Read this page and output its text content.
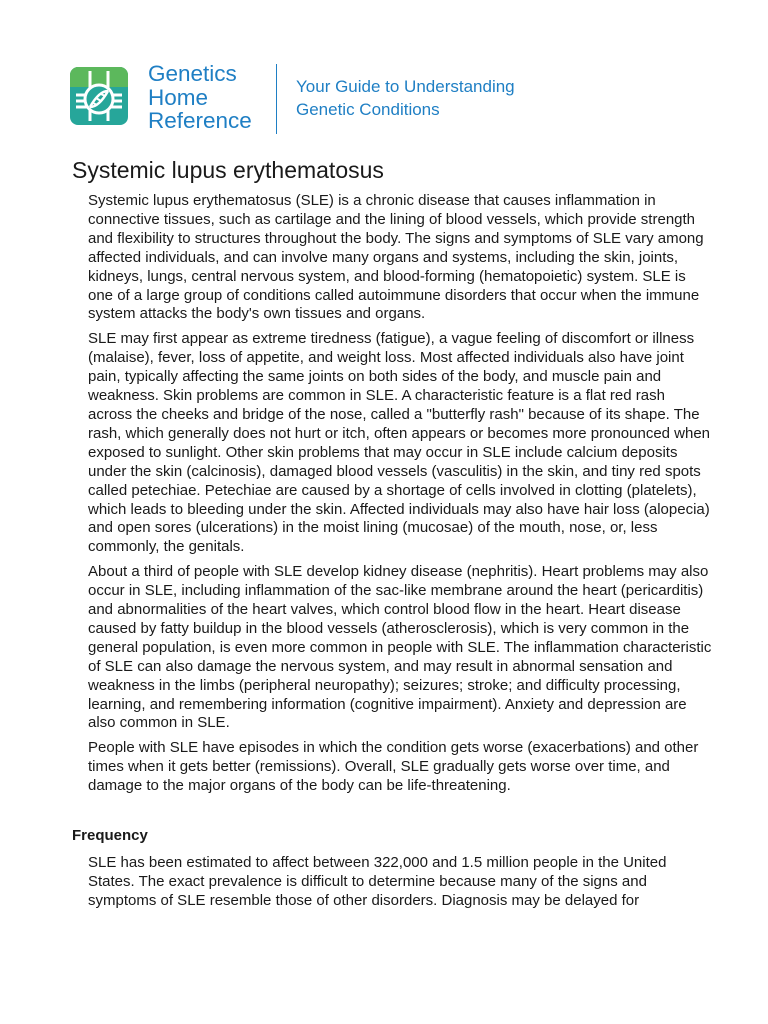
Genetics
Home
Reference
Your Guide to Understanding
Genetic Conditions
Systemic lupus erythematosus

Systemic lupus erythematosus (SLE) is a chronic disease that causes inflammation in connective tissues, such as cartilage and the lining of blood vessels, which provide strength and flexibility to structures throughout the body. The signs and symptoms of SLE vary among affected individuals, and can involve many organs and systems, including the skin, joints, kidneys, lungs, central nervous system, and blood-forming (hematopoietic) system. SLE is one of a large group of conditions called autoimmune disorders that occur when the immune system attacks the body's own tissues and organs.

SLE may first appear as extreme tiredness (fatigue), a vague feeling of discomfort or illness (malaise), fever, loss of appetite, and weight loss. Most affected individuals also have joint pain, typically affecting the same joints on both sides of the body, and muscle pain and weakness. Skin problems are common in SLE. A characteristic feature is a flat red rash across the cheeks and bridge of the nose, called a "butterfly rash" because of its shape. The rash, which generally does not hurt or itch, often appears or becomes more pronounced when exposed to sunlight. Other skin problems that may occur in SLE include calcium deposits under the skin (calcinosis), damaged blood vessels (vasculitis) in the skin, and tiny red spots called petechiae. Petechiae are caused by a shortage of cells involved in clotting (platelets), which leads to bleeding under the skin. Affected individuals may also have hair loss (alopecia) and open sores (ulcerations) in the moist lining (mucosae) of the mouth, nose, or, less commonly, the genitals.

About a third of people with SLE develop kidney disease (nephritis). Heart problems may also occur in SLE, including inflammation of the sac-like membrane around the heart (pericarditis) and abnormalities of the heart valves, which control blood flow in the heart. Heart disease caused by fatty buildup in the blood vessels (atherosclerosis), which is very common in the general population, is even more common in people with SLE. The inflammation characteristic of SLE can also damage the nervous system, and may result in abnormal sensation and weakness in the limbs (peripheral neuropathy); seizures; stroke; and difficulty processing, learning, and remembering information (cognitive impairment). Anxiety and depression are also common in SLE.

People with SLE have episodes in which the condition gets worse (exacerbations) and other times when it gets better (remissions). Overall, SLE gradually gets worse over time, and damage to the major organs of the body can be life-threatening.

Frequency

SLE has been estimated to affect between 322,000 and 1.5 million people in the United States. The exact prevalence is difficult to determine because many of the signs and symptoms of SLE resemble those of other disorders. Diagnosis may be delayed for
